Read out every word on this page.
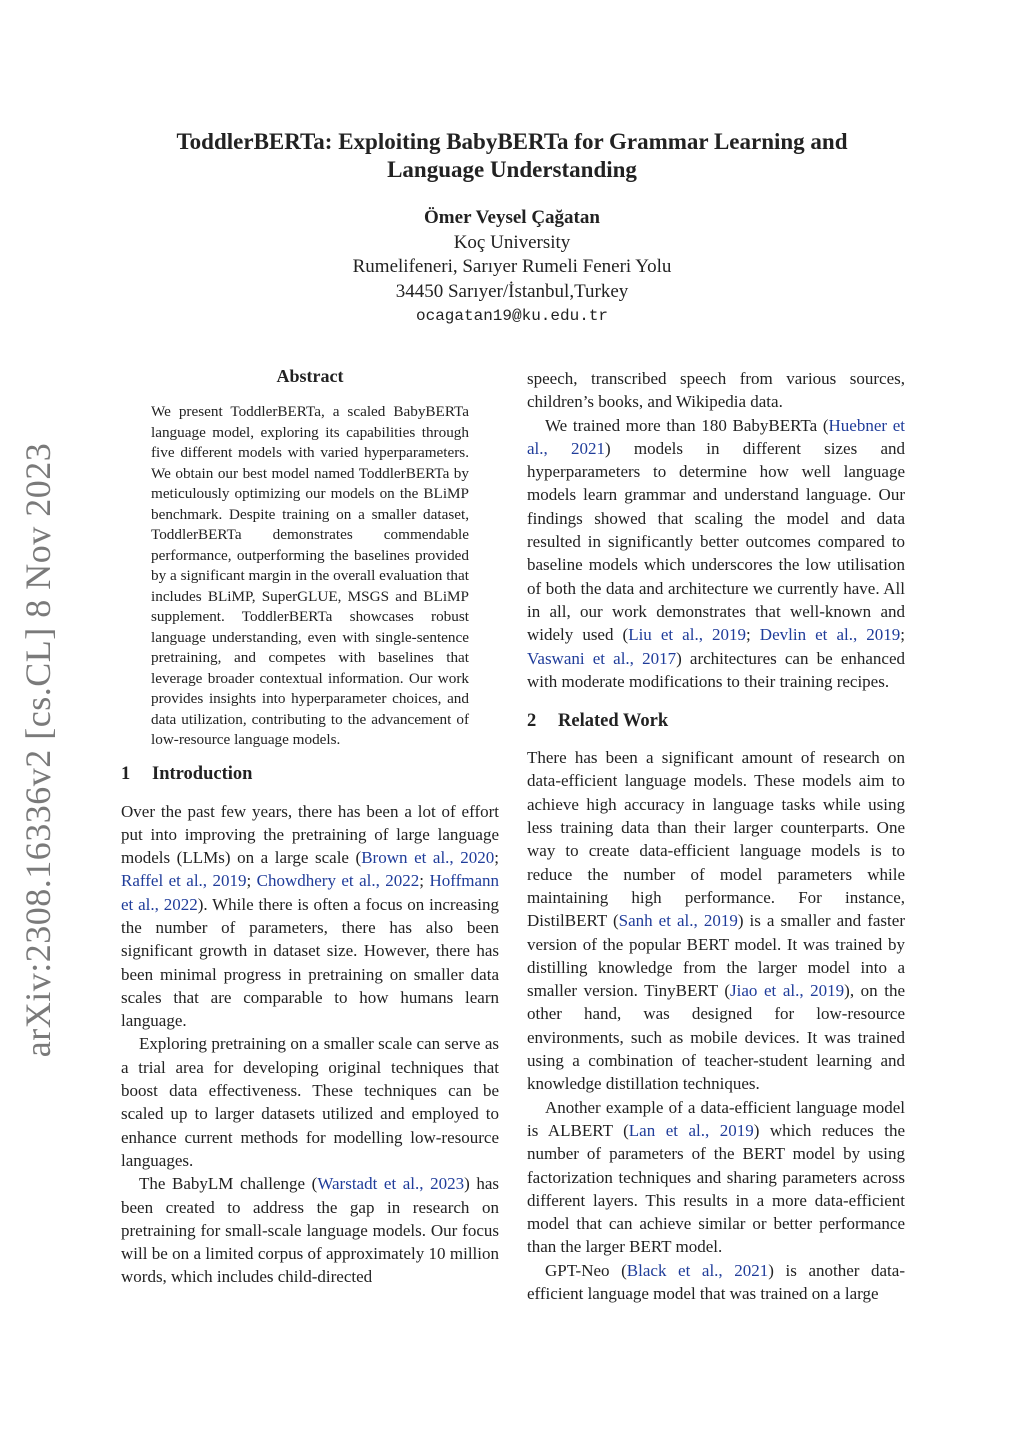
arXiv:2308.16336v2 [cs.CL] 8 Nov 2023
ToddlerBERTa: Exploiting BabyBERTa for Grammar Learning and
Language Understanding
Ömer Veysel Çağatan
Koç University
Rumelifeneri, Sarıyer Rumeli Feneri Yolu
34450 Sarıyer/İstanbul,Turkey
ocagatan19@ku.edu.tr
Abstract

We present ToddlerBERTa, a scaled BabyBERTa language model, exploring its capabilities through five different models with varied hyperparameters. We obtain our best model named ToddlerBERTa by meticulously optimizing our models on the BLiMP benchmark. Despite training on a smaller dataset, ToddlerBERTa demonstrates commendable performance, outperforming the baselines provided by a significant margin in the overall evaluation that includes BLiMP, SuperGLUE, MSGS and BLiMP supplement. ToddlerBERTa showcases robust language understanding, even with single-sentence pretraining, and competes with baselines that leverage broader contextual information. Our work provides insights into hyperparameter choices, and data utilization, contributing to the advancement of low-resource language models.

1 Introduction

Over the past few years, there has been a lot of effort put into improving the pretraining of large language models (LLMs) on a large scale (Brown et al., 2020; Raffel et al., 2019; Chowdhery et al., 2022; Hoffmann et al., 2022). While there is often a focus on increasing the number of parameters, there has also been significant growth in dataset size. However, there has been minimal progress in pretraining on smaller data scales that are comparable to how humans learn language.

Exploring pretraining on a smaller scale can serve as a trial area for developing original techniques that boost data effectiveness. These techniques can be scaled up to larger datasets utilized and employed to enhance current methods for modelling low-resource languages.

The BabyLM challenge (Warstadt et al., 2023) has been created to address the gap in research on pretraining for small-scale language models. Our focus will be on a limited corpus of approximately 10 million words, which includes child-directed

speech, transcribed speech from various sources, children’s books, and Wikipedia data.

We trained more than 180 BabyBERTa (Huebner et al., 2021) models in different sizes and hyperparameters to determine how well language models learn grammar and understand language. Our findings showed that scaling the model and data resulted in significantly better outcomes compared to baseline models which underscores the low utilisation of both the data and architecture we currently have. All in all, our work demonstrates that well-known and widely used (Liu et al., 2019; Devlin et al., 2019; Vaswani et al., 2017) architectures can be enhanced with moderate modifications to their training recipes.

2 Related Work

There has been a significant amount of research on data-efficient language models. These models aim to achieve high accuracy in language tasks while using less training data than their larger counterparts. One way to create data-efficient language models is to reduce the number of model parameters while maintaining high performance. For instance, DistilBERT (Sanh et al., 2019) is a smaller and faster version of the popular BERT model. It was trained by distilling knowledge from the larger model into a smaller version. TinyBERT (Jiao et al., 2019), on the other hand, was designed for low-resource environments, such as mobile devices. It was trained using a combination of teacher-student learning and knowledge distillation techniques.

Another example of a data-efficient language model is ALBERT (Lan et al., 2019) which reduces the number of parameters of the BERT model by using factorization techniques and sharing parameters across different layers. This results in a more data-efficient model that can achieve similar or better performance than the larger BERT model.

GPT-Neo (Black et al., 2021) is another data-efficient language model that was trained on a large
